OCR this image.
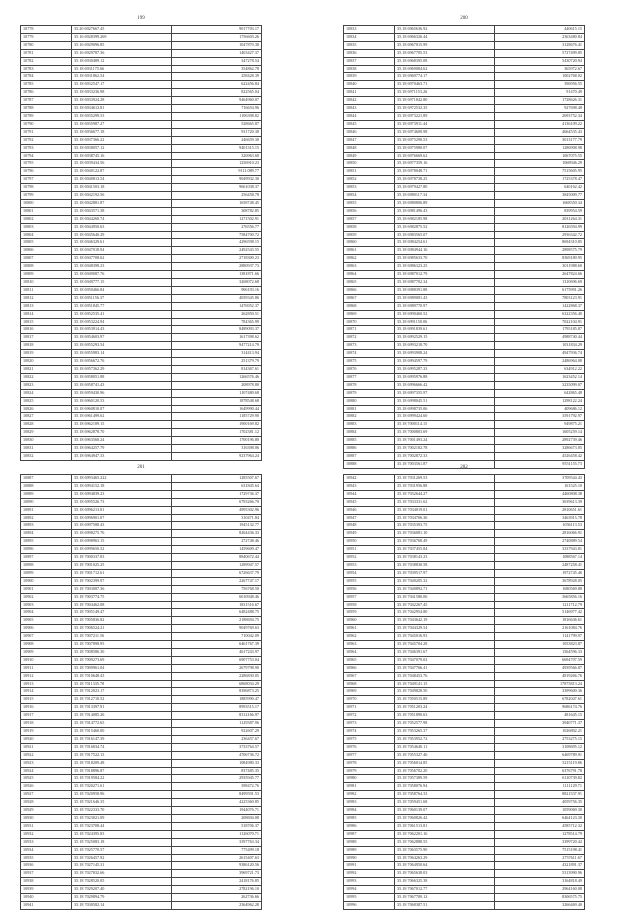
199
10778	35.20 6927667.45	9017703.17
10779	35.16 6928399.269	1756603.26
10780	35.16 6929096.85	1047870.38
10781	35.16 6929787.36	1403427.37
10782	35.18 6930489.12	347278.54
10783	35.18 6931175.66	354862.78
10784	35.18 6931862.54	258428.39
10785	35.18 6932547.17	622456.84
10786	35.18 6933236.98	822565.04
10787	35.18 6933924.28	9464960.07
10788	35.18 6934612.81	716654.96
10789	35.18 6935299.53	1106398.82
10790	35.18 6935987.27	528665.87
10791	35.18 6936677.18	931720.38
10792	35.18 6937366.22	246659.30
10793	35.18 6938057.12	9401315.15
10794	35.18 6938745.16	326963.68
10795	35.18 6939434.56	1256910.23
10796	35.18 6940122.87	9111.089.77
10797	35.18 6940813.54	9049932.30
10798	35.18 6941503.18	9661038.37
10799	35.18 6942192.56	256458.78
10800	35.18 6942881.87	1658748.45
10801	35.18 6943571.38	308782.85
10802	35.18 6944260.74	1271502.91
10803	35.18 6944950.63	276556.77
10804	35.18 6945640.29	7584700.72
10805	35.18 6946329.61	4296598.15
10806	35.18 6947018.94	2492543.55
10807	35.18 6947708.62	2718300.23
10808	35.18 6948398.23	2880937.73
10809	35.18 6949087.76	1381871.66
10810	35.18 6949777.15	3268072.68
10811	35.18 6950466.84	906193.16
10812	35.18 6951156.37	4039345.86
10813	35.18 6951845.77	1476952.37
10814	35.18 6952535.41	262850.51
10815	35.18 6953224.94	784365.99
10816	35.18 6953914.43	8489093.37
10817	35.18 6954603.97	1617398.62
10818	35.18 6955293.54	9477214.79
10819	35.18 6955983.14	314413.94
10820	35.18 6956672.76	251379.79
10821	35.18 6957362.29	814367.61
10822	35.18 6958051.88	1266576.46
10823	35.18 6958741.43	208978.80
10824	35.18 6959430.96	1107480.68
10825	35.18 6960120.53	1878548.68
10826	35.18 6960810.07	1649990.44
10827	35.18 6961499.62	1185729.90
10828	35.18 6962189.15	1900169.82
10829	35.18 6962878.70	1702381.12
10830	35.18 6963568.24	1700196.80
10831	35.18 6964257.79	316398.06
10832	35.18 6964947.33	9237964.24
200
10833	35.18 6965636.92	440615.15
10834	35.18 6966326.44	2363480.84
10835	35.18 6967015.99	3128676.41
10836	35.18 6967705.53	5727499.85
10837	35.18 6968395.08	5430720.94
10838	35.18 6969084.62	365972.67
10839	35.18 6969774.17	1002768.02
10840	35.18 6970463.71	396956.55
10841	35.18 6971153.26	91470.49
10842	35.18 6971842.80	1728626.31
10843	35.18 6972532.35	927698.48
10844	35.18 6973221.89	2693752.34
10845	35.18 6973911.44	4136109.22
10846	35.18 6974600.98	4664535.43
10847	35.18 6975290.53	3013177.79
10848	35.18 6975980.07	1286908.98
10849	35.18 6976669.62	1067075.55
10850	35.18 6977359.16	1068946.29
10851	35.18 6978048.71	7515605.95
10852	35.18 6978738.25	1725378.47
10853	35.18 6979427.80	640162.42
10854	35.18 6980117.34	3845009.77
10855	35.18 6980806.89	1668350.34
10856	35.18 6981496.43	839954.59
10857	35.18 6982185.98	2031264.31
10858	35.18 6982875.52	8126594.99
10859	35.18 6983565.07	2936342.72
10860	35.18 6984254.61	8694310.85
10861	35.18 6984944.16	2898575.79
10862	35.18 6985633.70	8369180.95
10863	35.18 6986323.25	3011988.60
10864	35.18 6987012.79	2647824.66
10865	35.18 6987702.34	1310696.69
10866	35.18 6988391.88	6175991.26
10867	35.18 6989081.43	7803123.91
10868	35.18 6989770.97	1422868.37
10869	35.18 6990460.52	6322356.40
10870	35.18 6991150.06	7022104.91
10871	35.18 6991839.61	1795185.87
10872	35.18 6992529.15	4988740.44
10873	35.18 6993218.70	1031834.29
10874	35.18 6993908.24	4947936.74
10875	35.18 6994597.79	2486964.08
10876	35.18 6995287.33	634912.22
10877	35.18 6995976.88	1623452.14
10878	35.18 6996666.42	3235099.07
10879	35.18 6997355.97	642865.48
10880	35.18 6998045.51	1298122.24
10881	35.18 6998735.06	409686.12
10882	35.18 6999424.60	3591792.97
10883	35.18 7000114.15	949875.21
10884	35.18 7000803.69	1605259.14
10885	35.18 7001493.24	2892739.46
10886	35.18 7002182.78	3286673.05
10887	35.18 7002872.33	4526458.42
10888	35.18 7003561.87	9551155.73
201
10887	35.18 6993465.222	1285507.67
10888	35.18 6994152.18	631845.64
10889	35.18 6994839.23	1729736.37
10890	35.18 6995526.73	6793266.70
10891	35.18 6996213.81	4995302.96
10892	35.18 6996901.07	310471.84
10893	35.18 6997588.43	1945132.77
10894	35.18 6998275.76	8264436.33
10895	35.18 6998963.15	272748.46
10896	35.18 6999650.52	1459609.47
10897	35.18 7000337.83	8840672.44
10898	35.18 7001025.25	1289947.57
10899	35.18 7001712.61	6726637.79
10900	35.18 7002399.97	2267747.17
10901	35.18 7003087.36	756768.50
10902	35.18 7003774.75	6010948.46
10903	35.18 7004462.08	1831516.67
10904	35.18 7005149.47	6482488.75
10905	35.18 7005836.82	2188694.75
10906	35.18 7006524.21	9049769.63
10907	35.18 7007211.56	710042.09
10908	35.18 7007898.95	6461767.39
10909	35.18 7008586.30	4617243.97
10910	35.18 7009273.69	6907753.04
10911	35.18 7009961.04	2679798.90
10912	35.18 7010648.43	2286830.05
10913	35.18 7011335.78	6868034.29
10914	35.18 7012023.17	8396873.25
10915	35.18 7012710.52	1885990.47
10916	35.18 7013397.91	8993515.17
10917	35.18 7014085.26	8312166.97
10918	35.18 7014772.65	1129387.96
10919	35.18 7015460.00	922607.29
10920	35.18 7016147.39	236457.67
10921	35.18 7016834.74	3733764.57
10922	35.18 7017522.13	4706736.72
10923	35.18 7018209.48	1084980.33
10924	35.18 7018896.87	837485.35
10925	35.18 7019584.22	2935945.77
10926	35.18 7020271.61	398472.76
10927	35.18 7020958.96	8499591.53
10928	35.18 7021646.35	4225360.85
10929	35.18 7022333.70	1944076.71
10930	35.18 7023021.09	208694.08
10931	35.18 7023708.44	518706.37
10932	35.18 7024395.83	1126070.71
10933	35.18 7025083.18	3397763.34
10934	35.18 7025770.57	775499.18
10935	35.18 7026457.92	2615407.63
10936	35.18 7027145.31	9386120.56
10937	35.18 7027832.66	3969721.73
10938	35.18 7028520.05	2418176.85
10939	35.18 7029207.40	2782196.10
10940	35.18 7029894.79	262736.66
10941	35.18 7030582.14	2364962.28
202
10942	35.18 7031269.53	3709544.43
10943	35.18 7031956.88	161525.10
10944	35.18 7032644.27	4460808.38
10945	35.18 7033331.62	3639613.39
10946	35.18 7034019.01	2810651.61
10947	35.18 7034706.36	3463915.78
10948	35.18 7035393.75	1056113.53
10949	35.18 7036081.10	2816066.91
10950	35.18 7036768.49	2740889.54
10951	35.18 7037455.84	3337943.81
10952	35.18 7038143.23	1088567.14
10953	35.18 7038830.58	2487258.41
10954	35.18 7039517.97	1972745.46
10955	35.18 7040205.32	3678928.05
10956	35.18 7040892.71	1680569.88
10957	35.18 7041580.06	3665856.16
10958	35.18 7042267.45	1211712.79
10959	35.18 7042954.80	5146977.42
10960	35.18 7043642.19	1816636.61
10961	35.18 7044329.54	2161084.76
10962	35.18 7045016.93	1141799.97
10963	35.18 7045704.28	1053823.87
10964	35.18 7046391.67	1564596.33
10965	35.18 7047079.02	6694707.59
10966	35.18 7047766.41	4939566.87
10967	35.18 7048453.76	4819266.76
10968	35.18 7049141.15	17875813.24
10969	35.18 7049828.50	3399600.36
10970	35.18 7050515.89	6782047.61
10971	35.18 7051203.24	9686174.76
10972	35.18 7051890.63	481645.15
10973	35.18 7052577.98	3940771.37
10974	35.18 7053265.37	1026802.21
10975	35.18 7053952.72	2753275.15
10976	35.18 7054640.11	3108695.12
10977	35.18 7055327.46	6469789.91
10978	35.18 7056014.85	5215119.86
10979	35.18 7056702.20	6376791.78
10980	35.18 7057389.59	6110739.82
10981	35.18 7058076.94	1111129.71
10982	35.18 7058764.33	8821537.91
10983	35.18 7059451.68	4059756.35
10984	35.18 7060139.07	1059069.30
10985	35.18 7060826.42	6464123.30
10986	35.18 7061513.81	4585712.32
10987	35.18 7062201.16	1278514.79
10988	35.18 7062888.55	3399720.42
10989	35.18 7063575.90	7515198.41
10990	35.18 7064263.29	2757611.67
10991	35.18 7064950.64	4321891.37
10992	35.18 7065638.03	5313990.96
10993	35.18 7066325.38	3164818.49
10994	35.18 7067012.77	2964160.08
10995	35.18 7067700.12	8306575.75
10996	35.18 7068387.51	3266469.40
